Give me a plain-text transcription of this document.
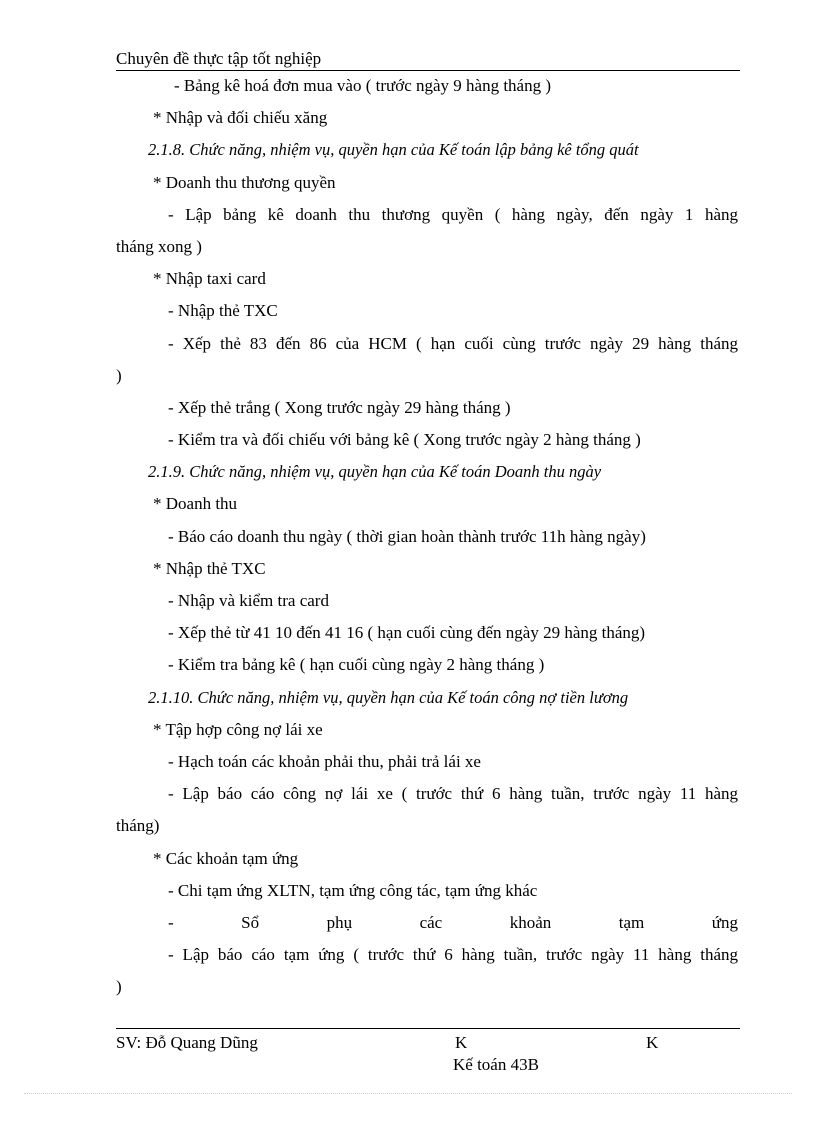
Chuyên đề thực tập tốt nghiệp
- Bảng kê hoá đơn mua vào ( trước ngày 9 hàng tháng )
* Nhập và đối chiếu xăng
2.1.8. Chức năng, nhiệm vụ, quyền hạn của Kế toán lập bảng kê tổng quát
* Doanh thu thương quyền
- Lập bảng kê doanh thu thương quyền ( hàng ngày, đến ngày 1 hàng
tháng xong )
* Nhập taxi card
- Nhập thẻ TXC
- Xếp thẻ 83 đến 86 của HCM ( hạn cuối cùng trước ngày 29 hàng tháng
)
- Xếp thẻ trắng ( Xong trước ngày 29 hàng tháng )
- Kiểm tra và đối chiếu với bảng kê ( Xong trước ngày 2 hàng tháng )
2.1.9. Chức năng, nhiệm vụ, quyền hạn của Kế toán Doanh thu ngày
* Doanh thu
- Báo cáo doanh thu ngày ( thời gian hoàn thành trước 11h hàng ngày)
* Nhập thẻ TXC
- Nhập và kiểm tra card
- Xếp thẻ từ 41 10 đến 41 16 ( hạn cuối cùng đến ngày 29 hàng tháng)
- Kiểm tra bảng kê ( hạn cuối cùng ngày 2 hàng tháng )
2.1.10. Chức năng, nhiệm vụ, quyền hạn của Kế toán công nợ tiền lương
* Tập hợp công nợ lái xe
- Hạch toán các khoản phải thu, phải trả lái xe
- Lập báo cáo công nợ lái xe ( trước thứ 6 hàng tuần, trước ngày 11 hàng
tháng)
* Các khoản tạm ứng
- Chi tạm ứng XLTN, tạm ứng công tác, tạm ứng khác
-	Sổ	phụ	các	khoản	tạm	ứng
- Lập báo cáo tạm ứng ( trước thứ 6 hàng tuần, trước ngày 11 hàng tháng
)
SV: Đỗ Quang Dũng	K	K
Kế toán 43B
